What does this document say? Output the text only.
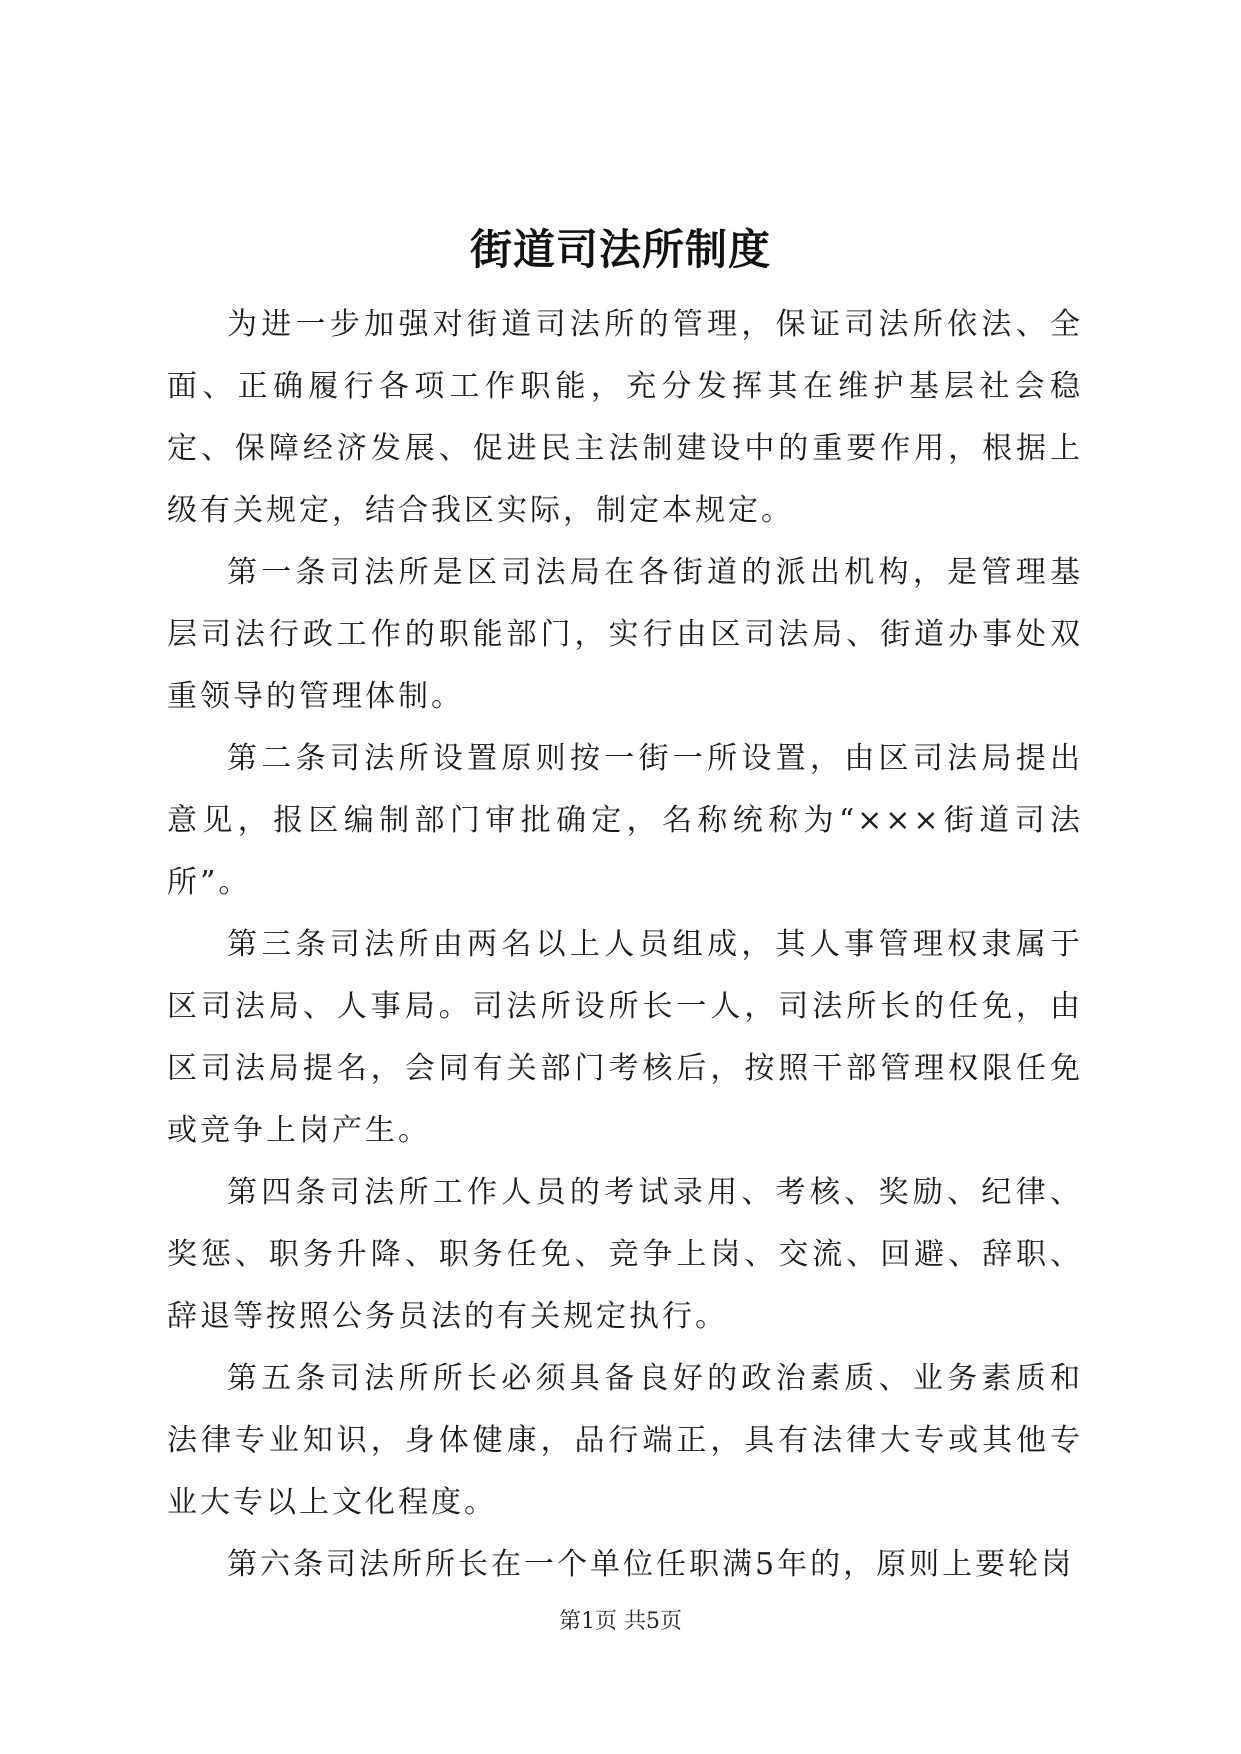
街道司法所制度

为进一步加强对街道司法所的管理，保证司法所依法、全面、正确履行各项工作职能，充分发挥其在维护基层社会稳定、保障经济发展、促进民主法制建设中的重要作用，根据上级有关规定，结合我区实际，制定本规定。

第一条司法所是区司法局在各街道的派出机构，是管理基层司法行政工作的职能部门，实行由区司法局、街道办事处双重领导的管理体制。

第二条司法所设置原则按一街一所设置，由区司法局提出意见，报区编制部门审批确定，名称统称为“×××街道司法所”。

第三条司法所由两名以上人员组成，其人事管理权隶属于区司法局、人事局。司法所设所长一人，司法所长的任免，由区司法局提名，会同有关部门考核后，按照干部管理权限任免或竞争上岗产生。

第四条司法所工作人员的考试录用、考核、奖励、纪律、奖惩、职务升降、职务任免、竞争上岗、交流、回避、辞职、辞退等按照公务员法的有关规定执行。

第五条司法所所长必须具备良好的政治素质、业务素质和法律专业知识，身体健康，品行端正，具有法律大专或其他专业大专以上文化程度。

第六条司法所所长在一个单位任职满5年的，原则上要轮岗

第1页 共5页
